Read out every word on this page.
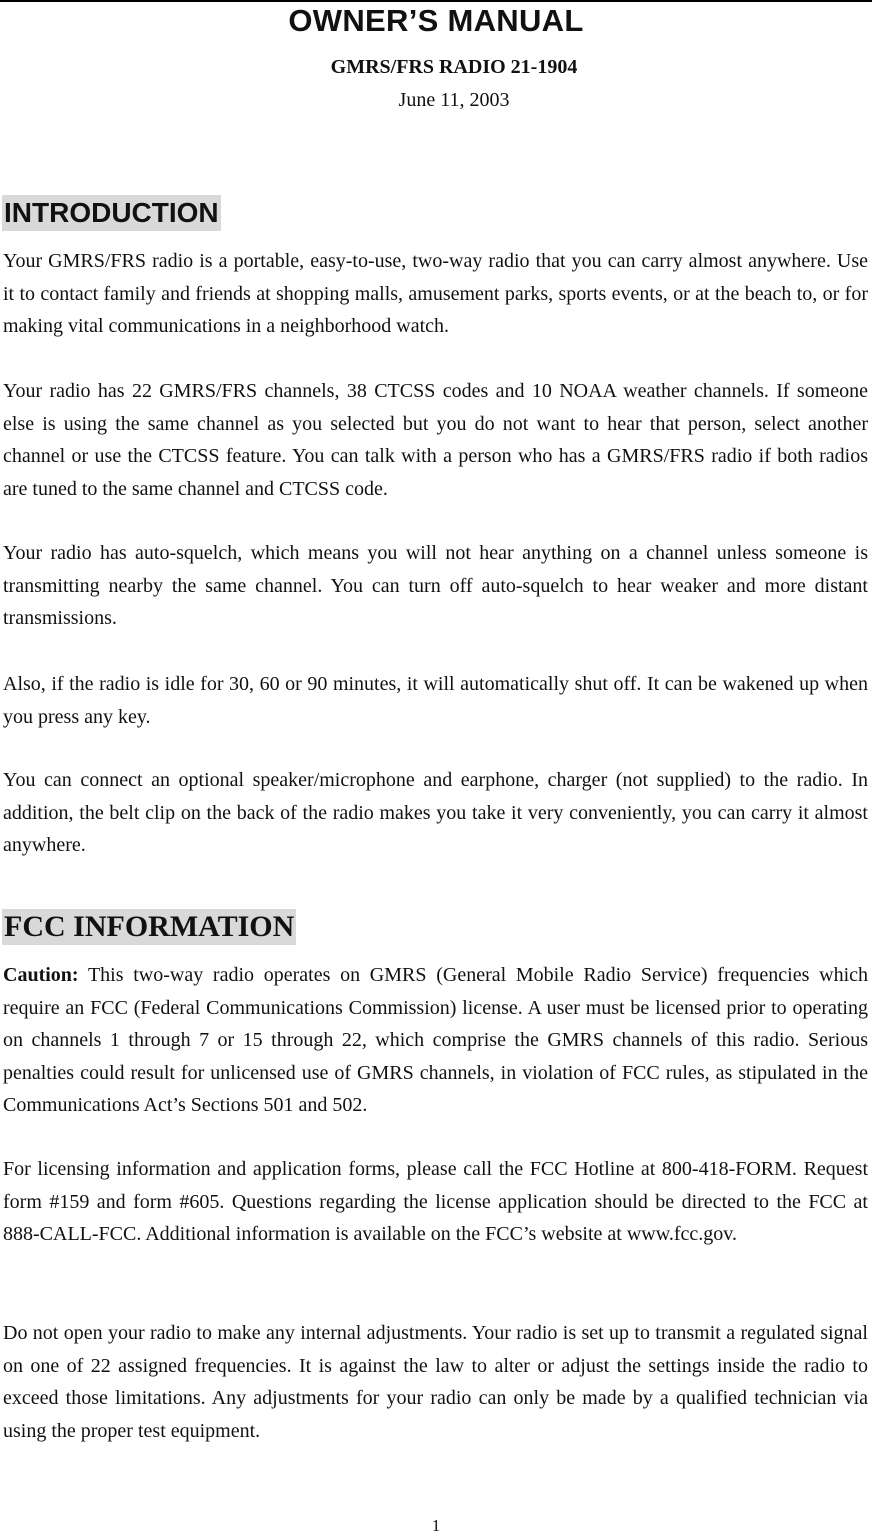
OWNER’S MANUAL
GMRS/FRS RADIO 21-1904
June 11, 2003
INTRODUCTION

Your GMRS/FRS radio is a portable, easy-to-use, two-way radio that you can carry almost anywhere. Use it to contact family and friends at shopping malls, amusement parks, sports events, or at the beach to, or for making vital communications in a neighborhood watch.

Your radio has 22 GMRS/FRS channels, 38 CTCSS codes and 10 NOAA weather channels. If someone else is using the same channel as you selected but you do not want to hear that person, select another channel or use the CTCSS feature. You can talk with a person who has a GMRS/FRS radio if both radios are tuned to the same channel and CTCSS code.

Your radio has auto-squelch, which means you will not hear anything on a channel unless someone is transmitting nearby the same channel. You can turn off auto-squelch to hear weaker and more distant transmissions.

Also, if the radio is idle for 30, 60 or 90 minutes, it will automatically shut off. It can be wakened up when you press any key.

You can connect an optional speaker/microphone and earphone, charger (not supplied) to the radio. In addition, the belt clip on the back of the radio makes you take it very conveniently, you can carry it almost anywhere.

FCC INFORMATION

Caution: This two-way radio operates on GMRS (General Mobile Radio Service) frequencies which require an FCC (Federal Communications Commission) license. A user must be licensed prior to operating on channels 1 through 7 or 15 through 22, which comprise the GMRS channels of this radio. Serious penalties could result for unlicensed use of GMRS channels, in violation of FCC rules, as stipulated in the Communications Act’s Sections 501 and 502.

For licensing information and application forms, please call the FCC Hotline at 800-418-FORM. Request form #159 and form #605. Questions regarding the license application should be directed to the FCC at 888-CALL-FCC. Additional information is available on the FCC’s website at www.fcc.gov.

Do not open your radio to make any internal adjustments. Your radio is set up to transmit a regulated signal on one of 22 assigned frequencies. It is against the law to alter or adjust the settings inside the radio to exceed those limitations. Any adjustments for your radio can only be made by a qualified technician via using the proper test equipment.

1
